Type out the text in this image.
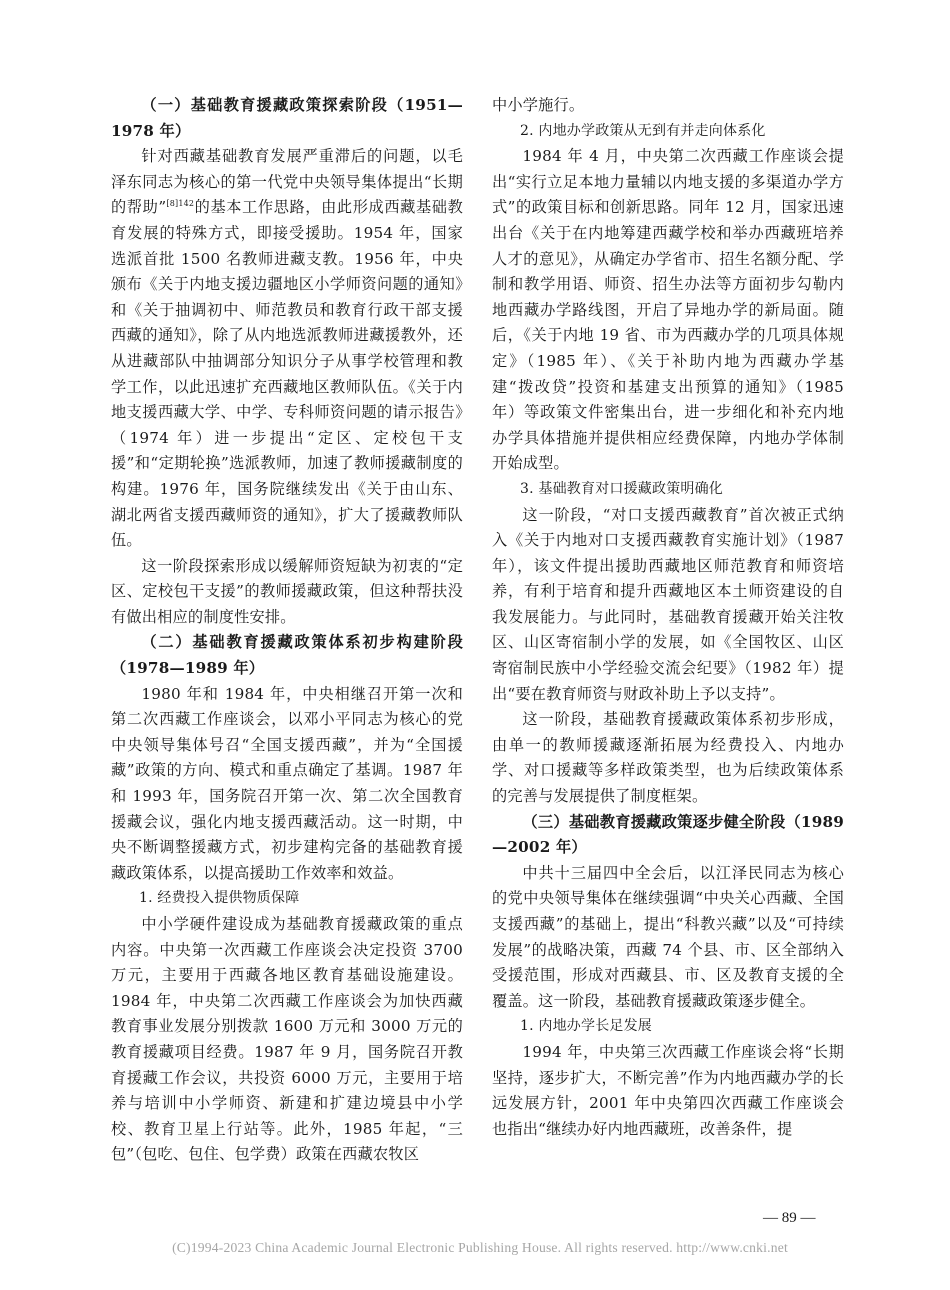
（一）基础教育援藏政策探索阶段（1951—1978 年）

针对西藏基础教育发展严重滞后的问题，以毛泽东同志为核心的第一代党中央领导集体提出“长期的帮助”$^{[8]142}$的基本工作思路，由此形成西藏基础教育发展的特殊方式，即接受援助。1954 年，国家选派首批 1500 名教师进藏支教。1956 年，中央颁布《关于内地支援边疆地区小学师资问题的通知》和《关于抽调初中、师范教员和教育行政干部支援西藏的通知》，除了从内地选派教师进藏援教外，还从进藏部队中抽调部分知识分子从事学校管理和教学工作，以此迅速扩充西藏地区教师队伍。《关于内地支援西藏大学、中学、专科师资问题的请示报告》（1974 年）进一步提出“定区、定校包干支援”和“定期轮换”选派教师，加速了教师援藏制度的构建。1976 年，国务院继续发出《关于由山东、湖北两省支援西藏师资的通知》，扩大了援藏教师队伍。

这一阶段探索形成以缓解师资短缺为初衷的“定区、定校包干支援”的教师援藏政策，但这种帮扶没有做出相应的制度性安排。

（二）基础教育援藏政策体系初步构建阶段（1978—1989 年）

1980 年和 1984 年，中央相继召开第一次和第二次西藏工作座谈会，以邓小平同志为核心的党中央领导集体号召“全国支援西藏”，并为“全国援藏”政策的方向、模式和重点确定了基调。1987 年和 1993 年，国务院召开第一次、第二次全国教育援藏会议，强化内地支援西藏活动。这一时期，中央不断调整援藏方式，初步建构完备的基础教育援藏政策体系，以提高援助工作效率和效益。

1. 经费投入提供物质保障

中小学硬件建设成为基础教育援藏政策的重点内容。中央第一次西藏工作座谈会决定投资 3700 万元，主要用于西藏各地区教育基础设施建设。1984 年，中央第二次西藏工作座谈会为加快西藏教育事业发展分别拨款 1600 万元和 3000 万元的教育援藏项目经费。1987 年 9 月，国务院召开教育援藏工作会议，共投资 6000 万元，主要用于培养与培训中小学师资、新建和扩建边境县中小学校、教育卫星上行站等。此外，1985 年起，“三包”（包吃、包住、包学费）政策在西藏农牧区

中小学施行。

2. 内地办学政策从无到有并走向体系化

1984 年 4 月，中央第二次西藏工作座谈会提出“实行立足本地力量辅以内地支援的多渠道办学方式”的政策目标和创新思路。同年 12 月，国家迅速出台《关于在内地筹建西藏学校和举办西藏班培养人才的意见》，从确定办学省市、招生名额分配、学制和教学用语、师资、招生办法等方面初步勾勒内地西藏办学路线图，开启了异地办学的新局面。随后，《关于内地 19 省、市为西藏办学的几项具体规定》（1985 年）、《关于补助内地为西藏办学基建“拨改贷”投资和基建支出预算的通知》（1985 年）等政策文件密集出台，进一步细化和补充内地办学具体措施并提供相应经费保障，内地办学体制开始成型。

3. 基础教育对口援藏政策明确化

这一阶段，“对口支援西藏教育”首次被正式纳入《关于内地对口支援西藏教育实施计划》（1987 年），该文件提出援助西藏地区师范教育和师资培养，有利于培育和提升西藏地区本土师资建设的自我发展能力。与此同时，基础教育援藏开始关注牧区、山区寄宿制小学的发展，如《全国牧区、山区寄宿制民族中小学经验交流会纪要》（1982 年）提出“要在教育师资与财政补助上予以支持”。

这一阶段，基础教育援藏政策体系初步形成，由单一的教师援藏逐渐拓展为经费投入、内地办学、对口援藏等多样政策类型，也为后续政策体系的完善与发展提供了制度框架。

（三）基础教育援藏政策逐步健全阶段（1989—2002 年）

中共十三届四中全会后，以江泽民同志为核心的党中央领导集体在继续强调“中央关心西藏、全国支援西藏”的基础上，提出“科教兴藏”以及“可持续发展”的战略决策，西藏 74 个县、市、区全部纳入受援范围，形成对西藏县、市、区及教育支援的全覆盖。这一阶段，基础教育援藏政策逐步健全。

1. 内地办学长足发展

1994 年，中央第三次西藏工作座谈会将“长期坚持，逐步扩大，不断完善”作为内地西藏办学的长远发展方针，2001 年中央第四次西藏工作座谈会也指出“继续办好内地西藏班，改善条件，提

— 89 —
(C)1994-2023 China Academic Journal Electronic Publishing House. All rights reserved. http://www.cnki.net
